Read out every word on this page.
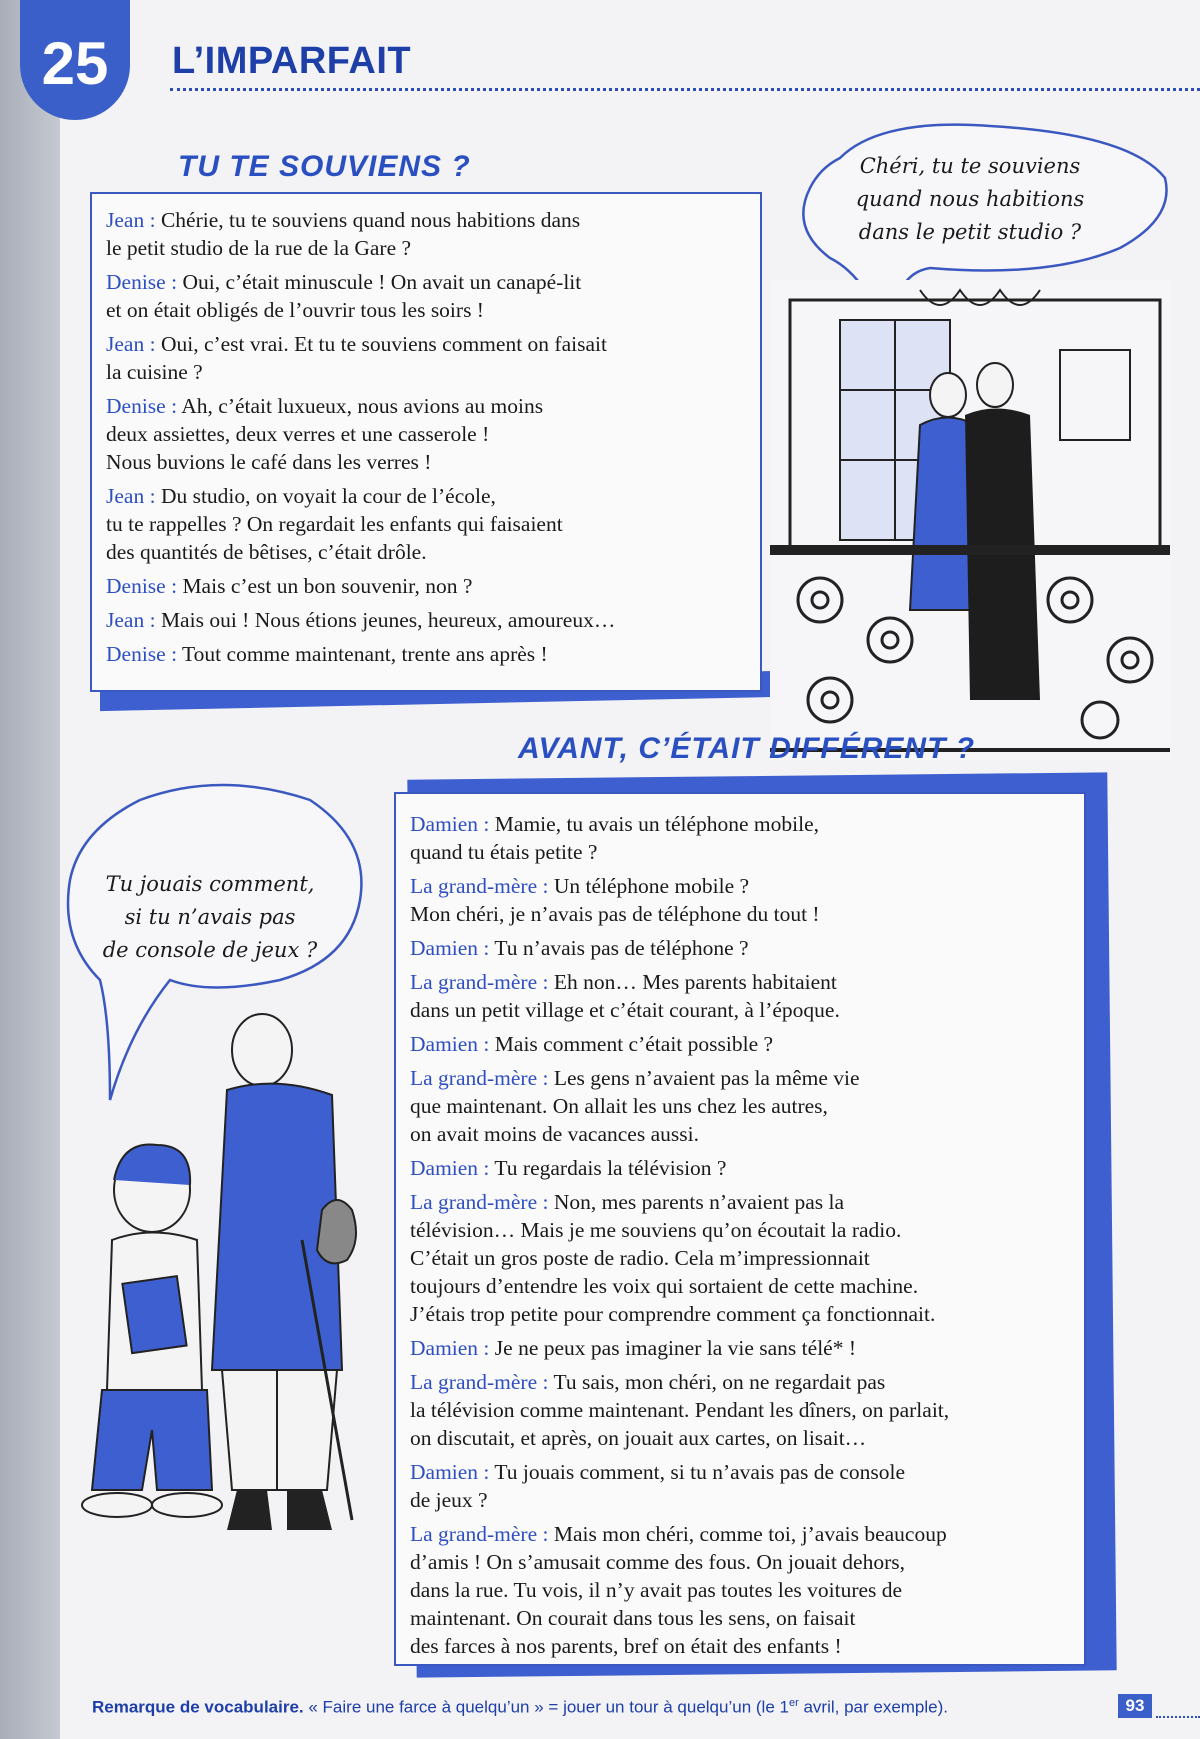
25 L’IMPARFAIT
TU TE SOUVIENS ?
Jean : Chérie, tu te souviens quand nous habitions dans
le petit studio de la rue de la Gare ?
Denise : Oui, c’était minuscule ! On avait un canapé-lit
et on était obligés de l’ouvrir tous les soirs !
Jean : Oui, c’est vrai. Et tu te souviens comment on faisait
la cuisine ?
Denise : Ah, c’était luxueux, nous avions au moins
deux assiettes, deux verres et une casserole !
Nous buvions le café dans les verres !
Jean : Du studio, on voyait la cour de l’école,
tu te rappelles ? On regardait les enfants qui faisaient
des quantités de bêtises, c’était drôle.
Denise : Mais c’est un bon souvenir, non ?
Jean : Mais oui ! Nous étions jeunes, heureux, amoureux…
Denise : Tout comme maintenant, trente ans après !
Chéri, tu te souviens
quand nous habitions
dans le petit studio ?
AVANT, C’ÉTAIT DIFFÉRENT ?
Damien : Mamie, tu avais un téléphone mobile,
quand tu étais petite ?
La grand-mère : Un téléphone mobile ?
Mon chéri, je n’avais pas de téléphone du tout !
Damien : Tu n’avais pas de téléphone ?
La grand-mère : Eh non… Mes parents habitaient
dans un petit village et c’était courant, à l’époque.
Damien : Mais comment c’était possible ?
La grand-mère : Les gens n’avaient pas la même vie
que maintenant. On allait les uns chez les autres,
on avait moins de vacances aussi.
Damien : Tu regardais la télévision ?
La grand-mère : Non, mes parents n’avaient pas la
télévision… Mais je me souviens qu’on écoutait la radio.
C’était un gros poste de radio. Cela m’impressionnait
toujours d’entendre les voix qui sortaient de cette machine.
J’étais trop petite pour comprendre comment ça fonctionnait.
Damien : Je ne peux pas imaginer la vie sans télé* !
La grand-mère : Tu sais, mon chéri, on ne regardait pas
la télévision comme maintenant. Pendant les dîners, on parlait,
on discutait, et après, on jouait aux cartes, on lisait…
Damien : Tu jouais comment, si tu n’avais pas de console
de jeux ?
La grand-mère : Mais mon chéri, comme toi, j’avais beaucoup
d’amis ! On s’amusait comme des fous. On jouait dehors,
dans la rue. Tu vois, il n’y avait pas toutes les voitures de
maintenant. On courait dans tous les sens, on faisait
des farces à nos parents, bref on était des enfants !
Tu jouais comment,
si tu n’avais pas
de console de jeux ?
Remarque de vocabulaire. « Faire une farce à quelqu’un » = jouer un tour à quelqu’un (le 1er avril, par exemple).	93
